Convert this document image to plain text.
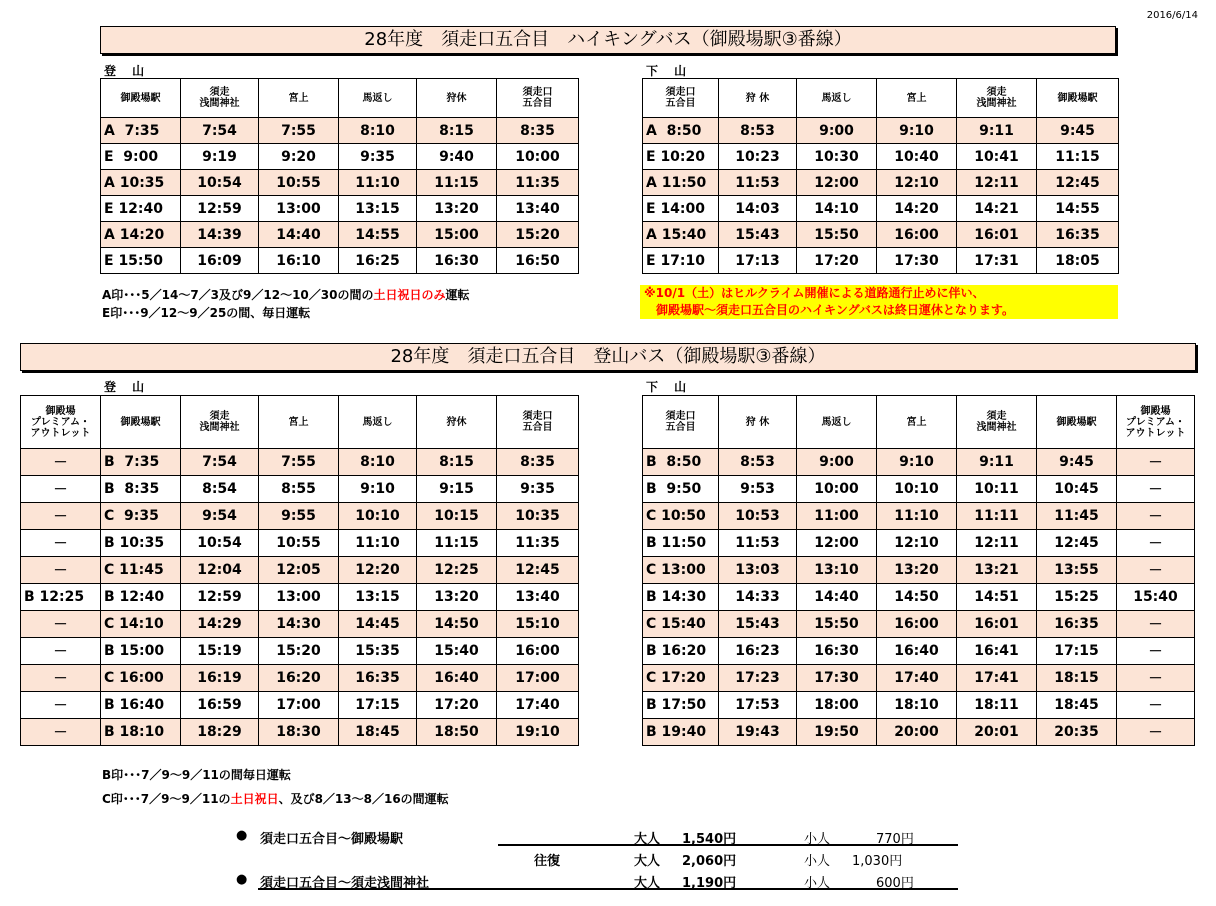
2016/6/14
28年度　須走口五合目　ハイキングバス（御殿場駅③番線）
登 山	下 山
御殿場駅	須走
浅間神社	宮上	馬返し	狩休	須走口
五合目
A  7:35	7:54	7:55	8:10	8:15	8:35
E  9:00	9:19	9:20	9:35	9:40	10:00
A 10:35	10:54	10:55	11:10	11:15	11:35
E 12:40	12:59	13:00	13:15	13:20	13:40
A 14:20	14:39	14:40	14:55	15:00	15:20
E 15:50	16:09	16:10	16:25	16:30	16:50
須走口
五合目	狩 休	馬返し	宮上	須走
浅間神社	御殿場駅
A  8:50	8:53	9:00	9:10	9:11	9:45
E 10:20	10:23	10:30	10:40	10:41	11:15
A 11:50	11:53	12:00	12:10	12:11	12:45
E 14:00	14:03	14:10	14:20	14:21	14:55
A 15:40	15:43	15:50	16:00	16:01	16:35
E 17:10	17:13	17:20	17:30	17:31	18:05
A印･･･5／14～7／3及び9／12～10／30の間の土日祝日のみ運転
E印･･･9／12～9／25の間、毎日運転
※10/1（土）はヒルクライム開催による道路通行止めに伴い、
　御殿場駅～須走口五合目のハイキングバスは終日運休となります。
28年度　須走口五合目　登山バス（御殿場駅③番線）
登 山	下 山
御殿場
プレミアム・
アウトレット	御殿場駅	須走
浅間神社	宮上	馬返し	狩休	須走口
五合目
－	B  7:35	7:54	7:55	8:10	8:15	8:35
－	B  8:35	8:54	8:55	9:10	9:15	9:35
－	C  9:35	9:54	9:55	10:10	10:15	10:35
－	B 10:35	10:54	10:55	11:10	11:15	11:35
－	C 11:45	12:04	12:05	12:20	12:25	12:45
B 12:25	B 12:40	12:59	13:00	13:15	13:20	13:40
－	C 14:10	14:29	14:30	14:45	14:50	15:10
－	B 15:00	15:19	15:20	15:35	15:40	16:00
－	C 16:00	16:19	16:20	16:35	16:40	17:00
－	B 16:40	16:59	17:00	17:15	17:20	17:40
－	B 18:10	18:29	18:30	18:45	18:50	19:10
須走口
五合目	狩 休	馬返し	宮上	須走
浅間神社	御殿場駅	御殿場
プレミアム・
アウトレット
B  8:50	8:53	9:00	9:10	9:11	9:45	－
B  9:50	9:53	10:00	10:10	10:11	10:45	－
C 10:50	10:53	11:00	11:10	11:11	11:45	－
B 11:50	11:53	12:00	12:10	12:11	12:45	－
C 13:00	13:03	13:10	13:20	13:21	13:55	－
B 14:30	14:33	14:40	14:50	14:51	15:25	15:40
C 15:40	15:43	15:50	16:00	16:01	16:35	－
B 16:20	16:23	16:30	16:40	16:41	17:15	－
C 17:20	17:23	17:30	17:40	17:41	18:15	－
B 17:50	17:53	18:00	18:10	18:11	18:45	－
B 19:40	19:43	19:50	20:00	20:01	20:35	－
B印･･･7／9～9／11の間毎日運転
C印･･･7／9～9／11の土日祝日、及び8／13～8／16の間運転
● 須走口五合目～御殿場駅	大人 1,540円	小人	770円
往復	大人 2,060円	小人 1,030円
● 須走口五合目～須走浅間神社	大人 1,190円	小人	600円
